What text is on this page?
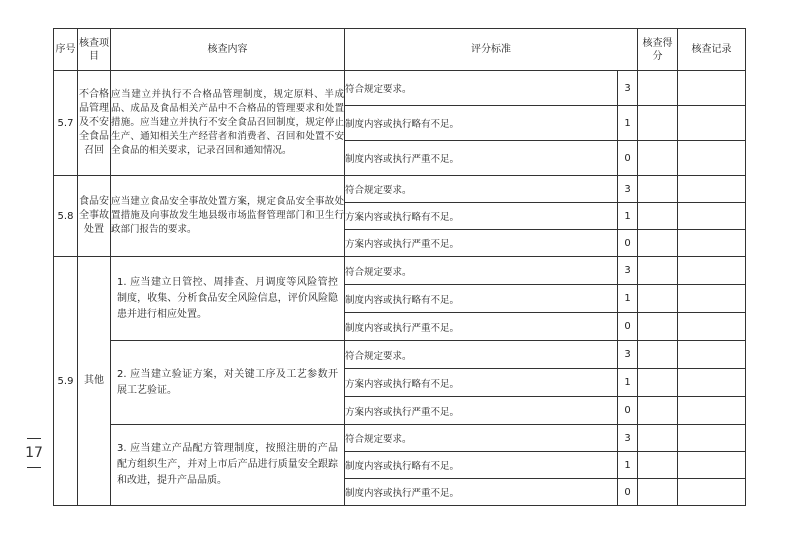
序号	核查项目	核查内容	评分标准		核查得分	核查记录
5.7	不合格品管理及不安全食品召回	应当建立并执行不合格品管理制度，规定原料、半成品、成品及食品相关产品中不合格品的管理要求和处置措施。应当建立并执行不安全食品召回制度，规定停止生产、通知相关生产经营者和消费者、召回和处置不安全食品的相关要求，记录召回和通知情况。	符合规定要求。	3		
			制度内容或执行略有不足。	1		
			制度内容或执行严重不足。	0		
5.8	食品安全事故处置	应当建立食品安全事故处置方案，规定食品安全事故处置措施及向事故发生地县级市场监督管理部门和卫生行政部门报告的要求。	符合规定要求。	3		
			方案内容或执行略有不足。	1		
			方案内容或执行严重不足。	0		
5.9	其他	1. 应当建立日管控、周排查、月调度等风险管控制度，收集、分析食品安全风险信息，评价风险隐患并进行相应处置。	符合规定要求。	3		
			制度内容或执行略有不足。	1		
			制度内容或执行严重不足。	0		
		2. 应当建立验证方案，对关键工序及工艺参数开展工艺验证。	符合规定要求。	3		
			方案内容或执行略有不足。	1		
			方案内容或执行严重不足。	0		
		3. 应当建立产品配方管理制度，按照注册的产品配方组织生产，并对上市后产品进行质量安全跟踪和改进，提升产品品质。	符合规定要求。	3		
			制度内容或执行略有不足。	1		
			制度内容或执行严重不足。	0		
17
